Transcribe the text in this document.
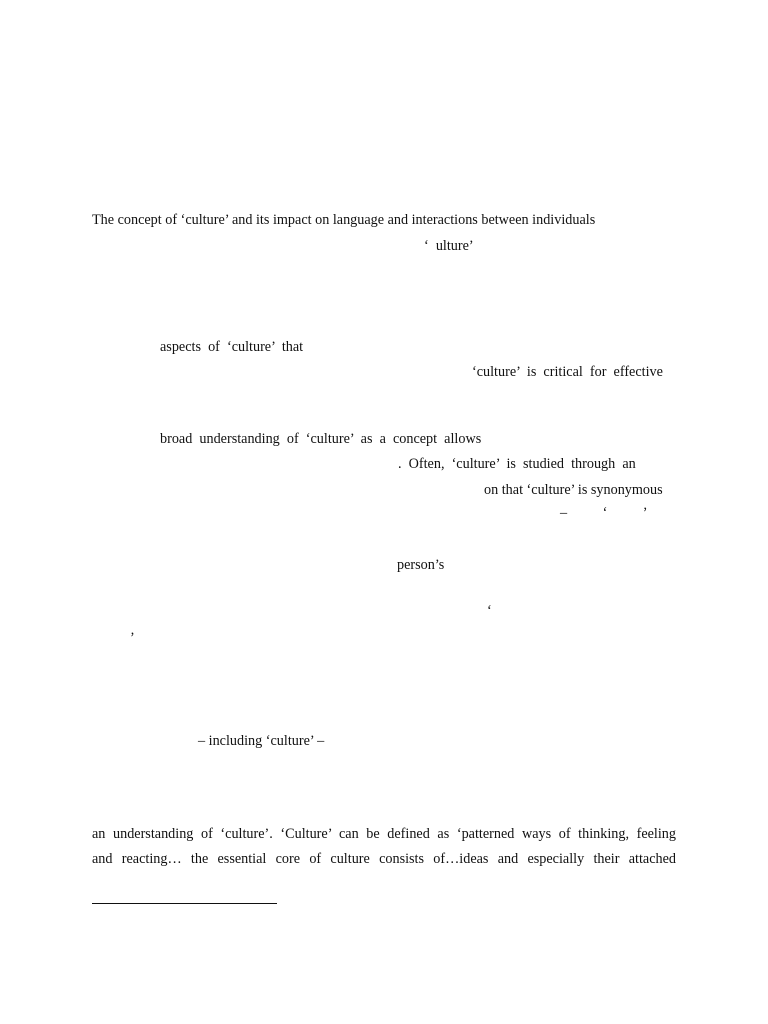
The concept of ‘culture’ and its impact on language and interactions between individuals
‘  ulture’
aspects  of  ‘culture’  that
‘culture’  is  critical  for  effective
broad  understanding  of  ‘culture’  as  a  concept  allows
.  Often,  ‘culture’  is  studied  through  an
on that ‘culture’ is synonymous
–          ‘          ’
person’s
‘
’
– including ‘culture’ –
an understanding of ‘culture’. ‘Culture’ can be defined as ‘patterned ways of thinking, feeling
and reacting… the essential core of culture consists of…ideas and especially their attached
